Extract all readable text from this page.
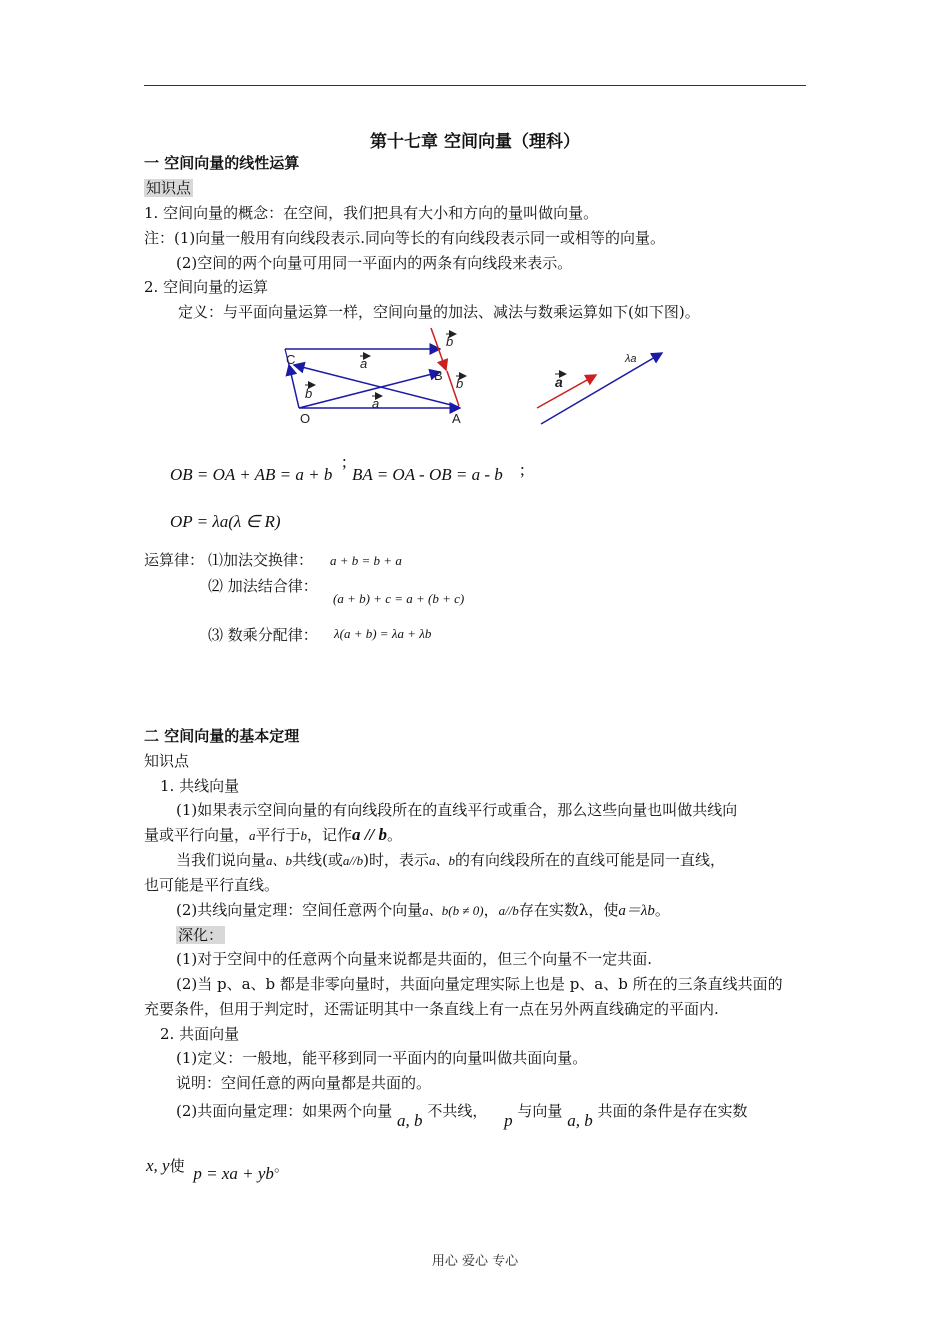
第十七章 空间向量（理科）
一 空间向量的线性运算
知识点
1. 空间向量的概念：在空间，我们把具有大小和方向的量叫做向量。
注：(1)向量一般用有向线段表示.同向等长的有向线段表示同一或相等的向量。
(2)空间的两个向量可用同一平面内的两条有向线段来表示。
2. 空间向量的运算
定义：与平面向量运算一样，空间向量的加法、减法与数乘运算如下(如下图)。
C
B
O	A
a
a
b
b
b	a
λa
OB = OA + AB = a + b
;
BA = OA - OB = a - b ;
OP = λa(λ ∈ R)
运算律： ⑴加法交换律： a + b = b + a
⑵ 加法结合律：
(a + b) + c = a + (b + c)
⑶ 数乘分配律： λ(a + b) = λa + λb
二 空间向量的基本定理
知识点
1. 共线向量
(1)如果表示空间向量的有向线段所在的直线平行或重合，那么这些向量也叫做共线向
量或平行向量，a平行于b，记作a // b。
当我们说向量a、b共线(或a//b)时，表示a、b的有向线段所在的直线可能是同一直线，
也可能是平行直线。
(2)共线向量定理：空间任意两个向量a、b(b ≠ 0)，a//b存在实数λ，使a＝λb。
深化：
(1)对于空间中的任意两个向量来说都是共面的，但三个向量不一定共面.
(2)当 p、a、b 都是非零向量时，共面向量定理实际上也是 p、a、b 所在的三条直线共面的
充要条件，但用于判定时，还需证明其中一条直线上有一点在另外两直线确定的平面内.
2. 共面向量
(1)定义：一般地，能平移到同一平面内的向量叫做共面向量。
说明：空间任意的两向量都是共面的。
(2)共面向量定理：如果两个向量 a, b 不共线， p 与向量 a, b 共面的条件是存在实数
x, y使 p = xa + yb。
用心 爱心 专心
